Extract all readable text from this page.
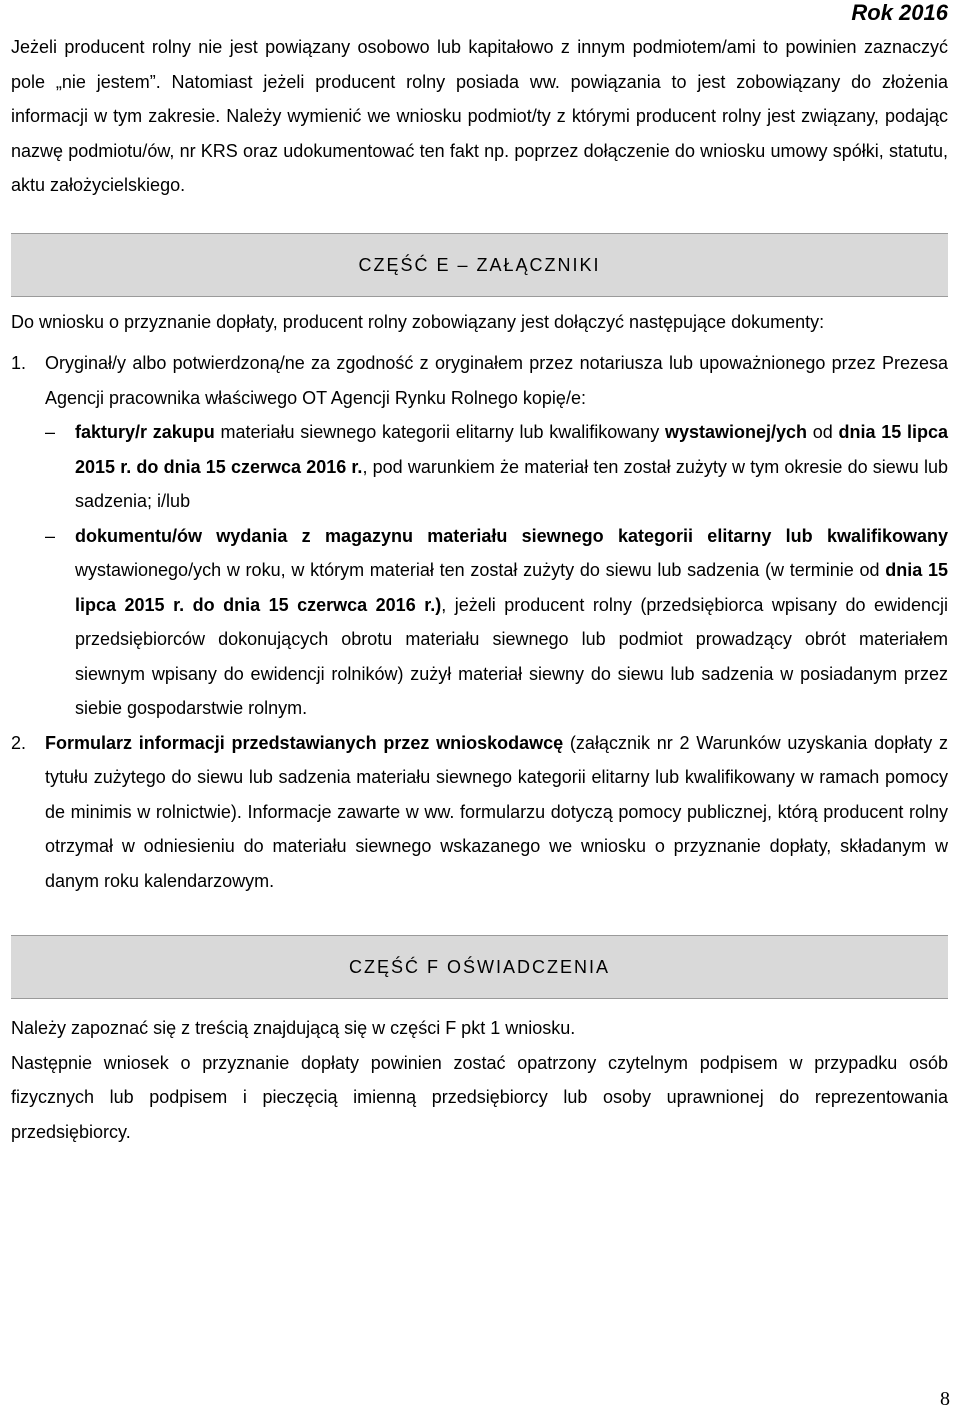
Rok 2016

Jeżeli producent rolny nie jest powiązany osobowo lub kapitałowo z innym podmiotem/ami to powinien zaznaczyć pole „nie jestem”. Natomiast jeżeli producent rolny posiada ww. powiązania to jest zobowiązany do złożenia informacji w tym zakresie. Należy wymienić we wniosku podmiot/ty z którymi producent rolny jest związany, podając nazwę podmiotu/ów, nr KRS oraz udokumentować ten fakt np. poprzez dołączenie do wniosku umowy spółki, statutu, aktu założycielskiego.

CZĘŚĆ E – ZAŁĄCZNIKI

Do wniosku o przyznanie dopłaty, producent rolny zobowiązany jest dołączyć następujące dokumenty:

1. Oryginał/y albo potwierdzoną/ne za zgodność z oryginałem przez notariusza lub upoważnionego przez Prezesa Agencji pracownika właściwego OT Agencji Rynku Rolnego kopię/e:

– faktury/r zakupu materiału siewnego kategorii elitarny lub kwalifikowany wystawionej/ych od dnia 15 lipca 2015 r. do dnia 15 czerwca 2016 r., pod warunkiem że materiał ten został zużyty w tym okresie do siewu lub sadzenia; i/lub

– dokumentu/ów wydania z magazynu materiału siewnego kategorii elitarny lub kwalifikowany wystawionego/ych w roku, w którym materiał ten został zużyty do siewu lub sadzenia (w terminie od dnia 15 lipca 2015 r. do dnia 15 czerwca 2016 r.), jeżeli producent rolny (przedsiębiorca wpisany do ewidencji przedsiębiorców dokonujących obrotu materiału siewnego lub podmiot prowadzący obrót materiałem siewnym wpisany do ewidencji rolników) zużył materiał siewny do siewu lub sadzenia w posiadanym przez siebie gospodarstwie rolnym.

2. Formularz informacji przedstawianych przez wnioskodawcę (załącznik nr 2 Warunków uzyskania dopłaty z tytułu zużytego do siewu lub sadzenia materiału siewnego kategorii elitarny lub kwalifikowany w ramach pomocy de minimis w rolnictwie). Informacje zawarte w ww. formularzu dotyczą pomocy publicznej, którą producent rolny otrzymał w odniesieniu do materiału siewnego wskazanego we wniosku o przyznanie dopłaty, składanym w danym roku kalendarzowym.

CZĘŚĆ F OŚWIADCZENIA

Należy zapoznać się z treścią znajdującą się w części F pkt 1 wniosku.

Następnie wniosek o przyznanie dopłaty powinien zostać opatrzony czytelnym podpisem w przypadku osób fizycznych lub podpisem i pieczęcią imienną przedsiębiorcy lub osoby uprawnionej do reprezentowania przedsiębiorcy.

8
